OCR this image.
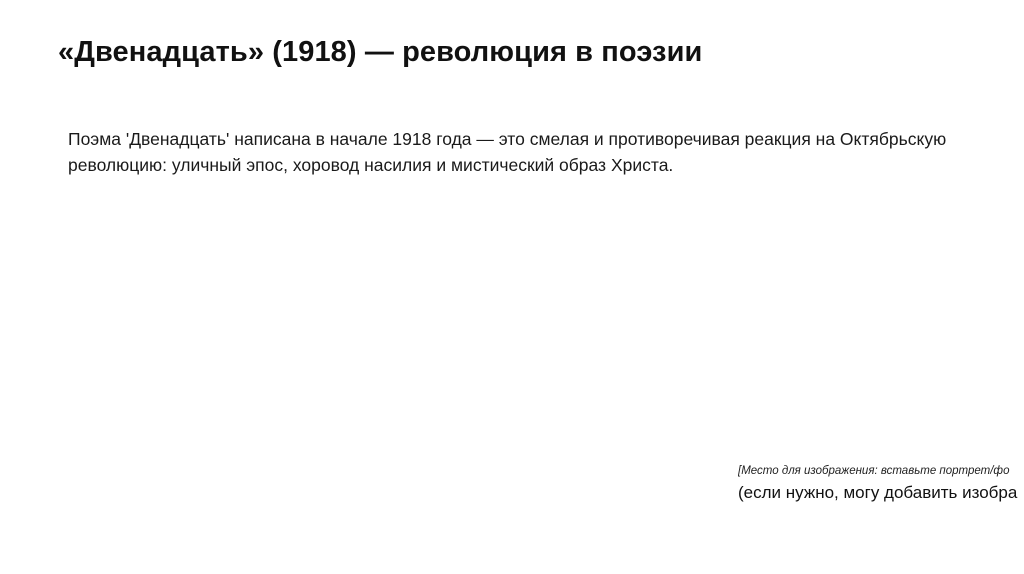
«Двенадцать» (1918) — революция в поэзии

Поэма 'Двенадцать' написана в начале 1918 года — это смелая и противоречивая реакция на Октябрьскую революцию: уличный эпос, хоровод насилия и мистический образ Христа.

[Место для изображения: вставьте портрет/фо
(если нужно, могу добавить изобра
